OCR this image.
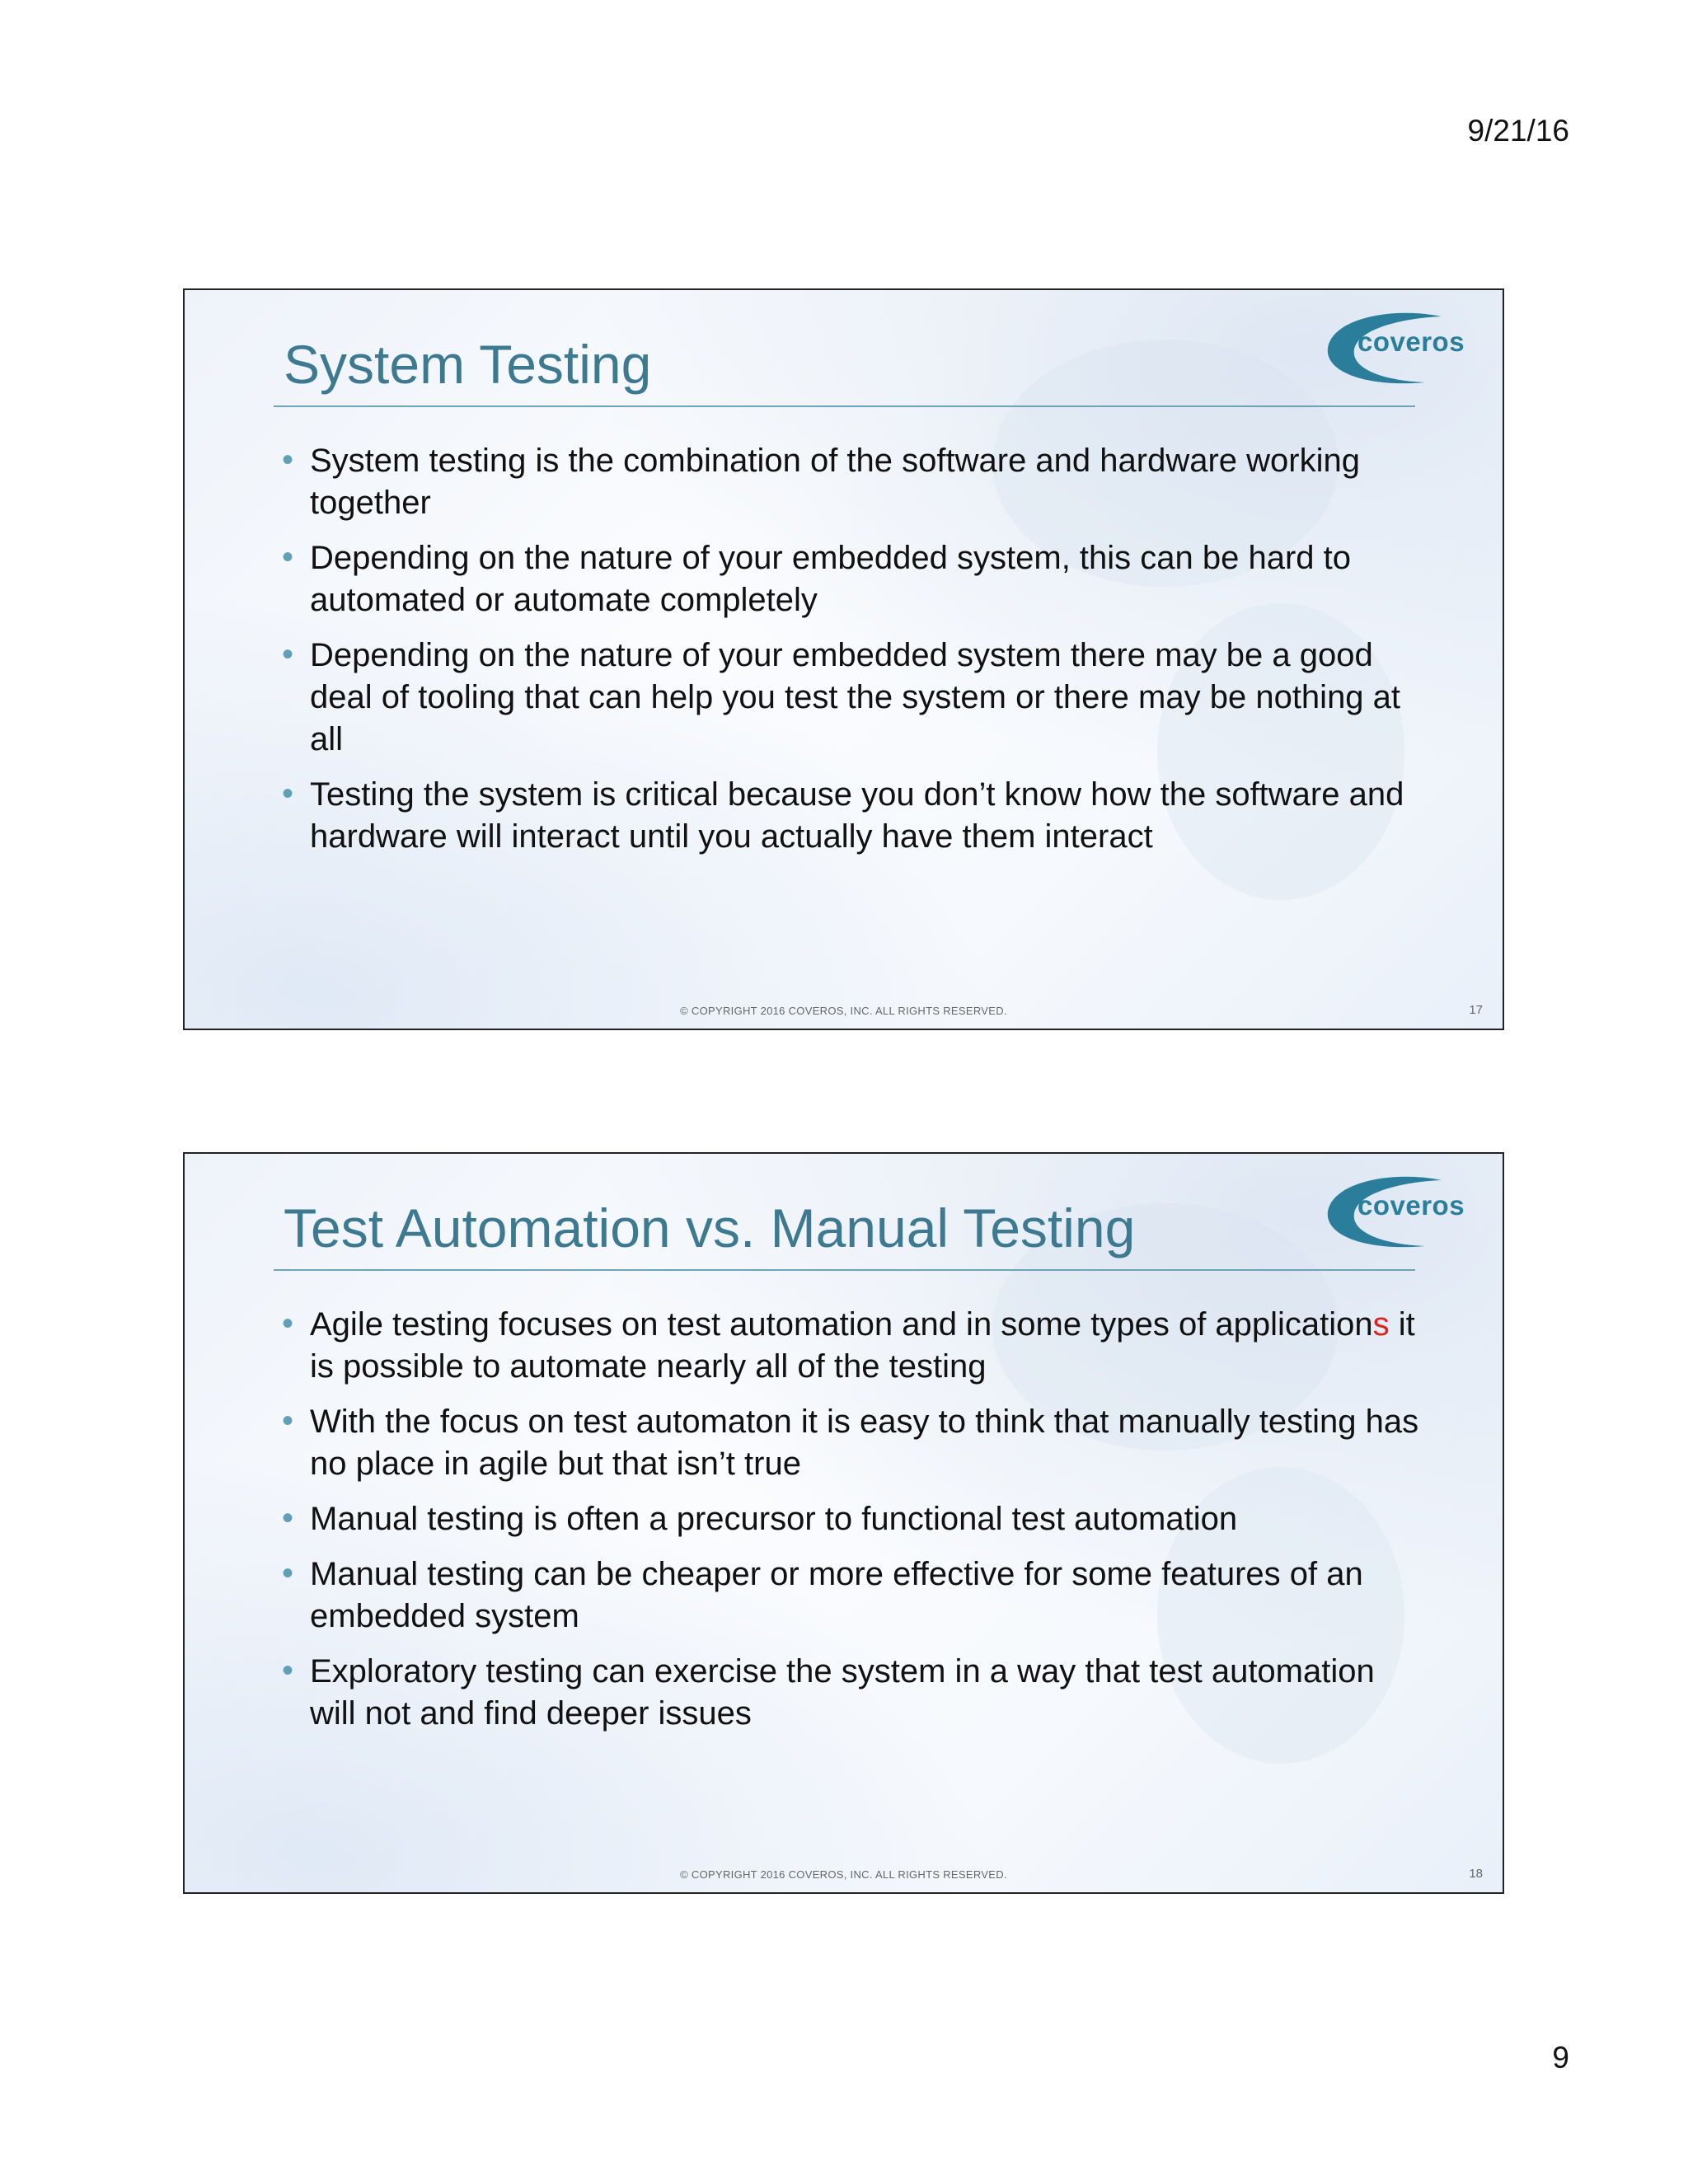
9/21/16
System Testing	coveros
• System testing is the combination of the software and hardware working together
• Depending on the nature of your embedded system, this can be hard to automated or automate completely
• Depending on the nature of your embedded system there may be a good deal of tooling that can help you test the system or there may be nothing at all
• Testing the system is critical because you don’t know how the software and hardware will interact until you actually have them interact
© COPYRIGHT 2016 COVEROS, INC. ALL RIGHTS RESERVED.	17
Test Automation vs. Manual Testing	coveros
• Agile testing focuses on test automation and in some types of applications it is possible to automate nearly all of the testing
• With the focus on test automaton it is easy to think that manually testing has no place in agile but that isn’t true
• Manual testing is often a precursor to functional test automation
• Manual testing can be cheaper or more effective for some features of an embedded system
• Exploratory testing can exercise the system in a way that test automation will not and find deeper issues
© COPYRIGHT 2016 COVEROS, INC. ALL RIGHTS RESERVED.	18
9
